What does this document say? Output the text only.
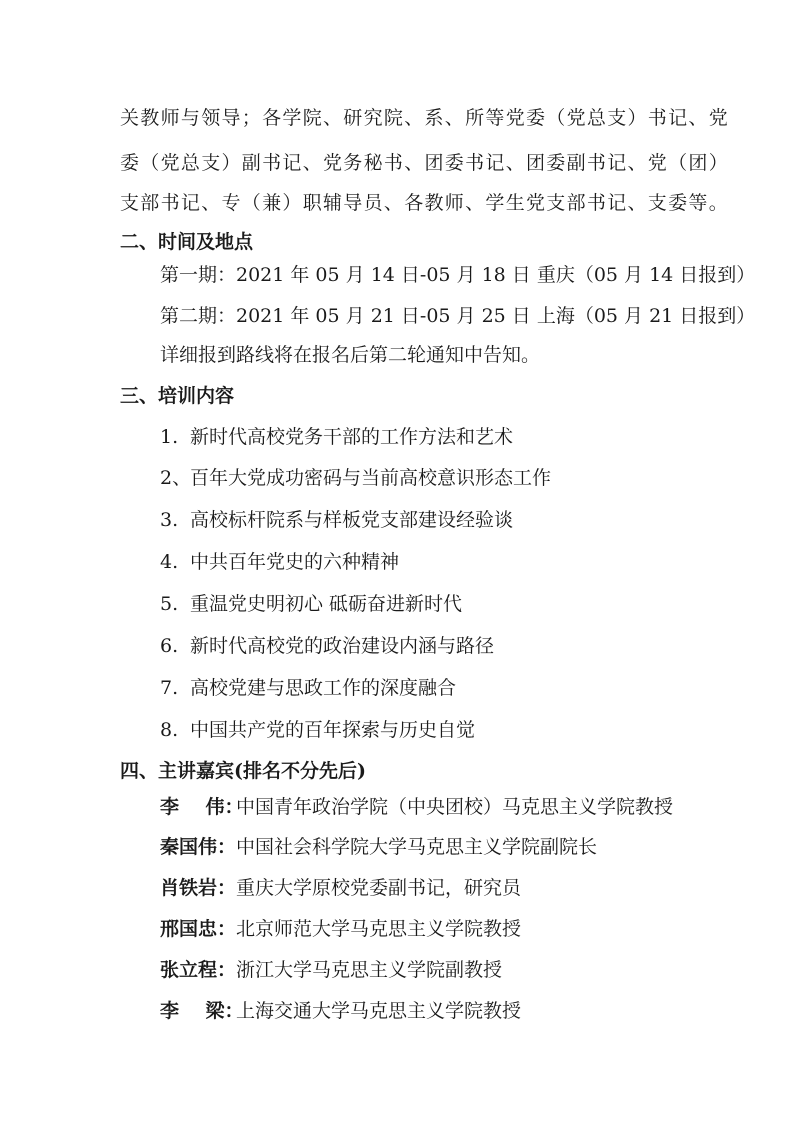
关教师与领导；各学院、研究院、系、所等党委（党总支）书记、党
委（党总支）副书记、党务秘书、团委书记、团委副书记、党（团）
支部书记、专（兼）职辅导员、各教师、学生党支部书记、支委等。
二、时间及地点
第一期：2021 年 05 月 14 日-05 月 18 日 重庆（05 月 14 日报到）
第二期：2021 年 05 月 21 日-05 月 25 日 上海（05 月 21 日报到）
详细报到路线将在报名后第二轮通知中告知。
三、培训内容
1. 新时代高校党务干部的工作方法和艺术
2、
百年大党成功密码与当前高校意识形态工作
3. 高校标杆院系与样板党支部建设经验谈
4. 中共百年党史的六种精神
5. 重温党史明初心 砥砺奋进新时代
6. 新时代高校党的政治建设内涵与路径
7. 高校党建与思政工作的深度融合
8. 中国共产党的百年探索与历史自觉
四、主讲嘉宾(排名不分先后)
李    伟：
中国青年政治学院（中央团校）马克思主义学院教授
秦国伟： 中国社会科学院大学马克思主义学院副院长
肖铁岩： 重庆大学原校党委副书记，研究员
邢国忠： 北京师范大学马克思主义学院教授
张立程： 浙江大学马克思主义学院副教授
李    梁：
上海交通大学马克思主义学院教授
